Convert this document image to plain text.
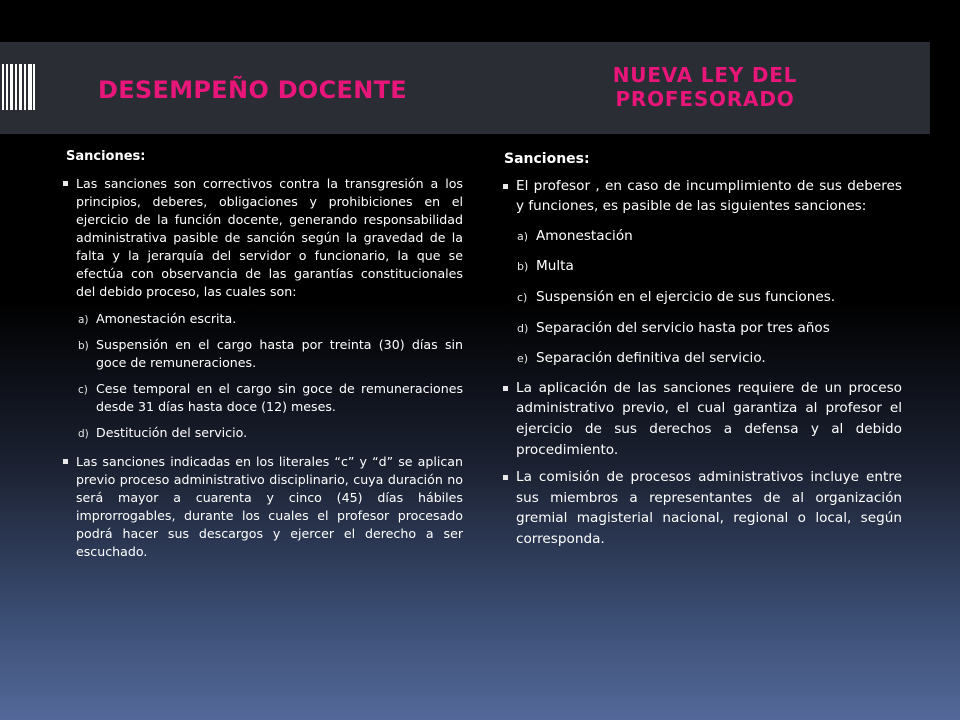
DESEMPEÑO DOCENTE
NUEVA LEY DEL PROFESORADO
Sanciones:
Las sanciones son correctivos contra la transgresión a los principios, deberes, obligaciones y prohibiciones en el ejercicio de la función docente, generando responsabilidad administrativa pasible de sanción según la gravedad de la falta y la jerarquía del servidor o funcionario, la que se efectúa con observancia de las garantías constitucionales del debido proceso, las cuales son:
a) Amonestación escrita.
b) Suspensión en el cargo hasta por treinta (30) días sin goce de remuneraciones.
c) Cese temporal en el cargo sin goce de remuneraciones desde 31 días hasta doce (12) meses.
d) Destitución del servicio.
Las sanciones indicadas en los literales “c” y “d” se aplican previo proceso administrativo disciplinario, cuya duración no será mayor a cuarenta y cinco (45) días hábiles improrrogables, durante los cuales el profesor procesado podrá hacer sus descargos y ejercer el derecho a ser escuchado.
Sanciones:
El profesor , en caso de incumplimiento de sus deberes y funciones, es pasible de las siguientes sanciones:
a) Amonestación
b) Multa
c) Suspensión en el ejercicio de sus funciones.
d) Separación del servicio hasta por tres años
e) Separación definitiva del servicio.
La aplicación de las sanciones requiere de un proceso administrativo previo, el cual garantiza al profesor el ejercicio de sus derechos a defensa y al debido procedimiento.
La comisión de procesos administrativos incluye entre sus miembros a representantes de al organización gremial magisterial nacional, regional o local, según corresponda.
